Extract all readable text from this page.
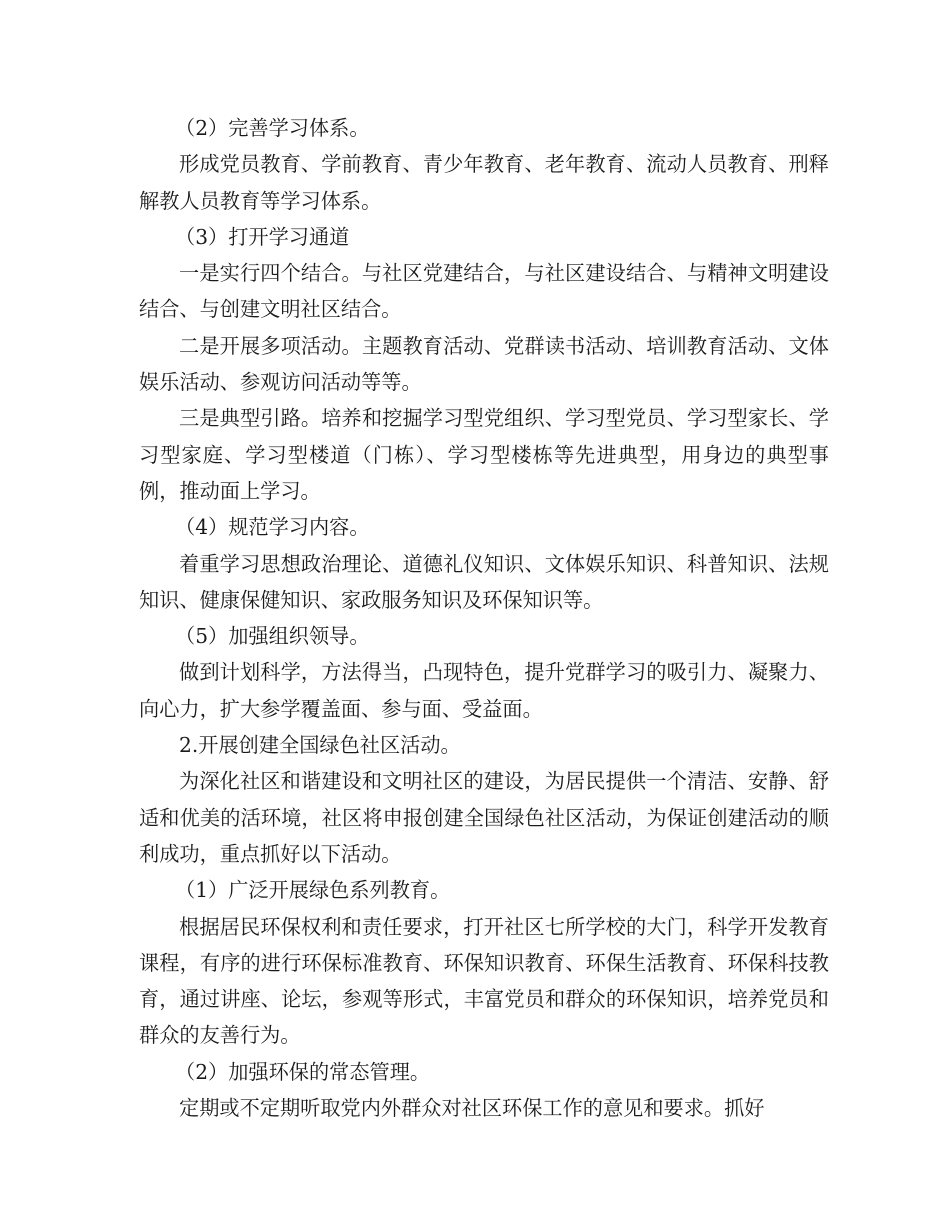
（2）完善学习体系。

形成党员教育、学前教育、青少年教育、老年教育、流动人员教育、刑释解教人员教育等学习体系。

（3）打开学习通道

一是实行四个结合。与社区党建结合，与社区建设结合、与精神文明建设结合、与创建文明社区结合。

二是开展多项活动。主题教育活动、党群读书活动、培训教育活动、文体娱乐活动、参观访问活动等等。

三是典型引路。培养和挖掘学习型党组织、学习型党员、学习型家长、学习型家庭、学习型楼道（门栋）、学习型楼栋等先进典型，用身边的典型事例，推动面上学习。

（4）规范学习内容。

着重学习思想政治理论、道德礼仪知识、文体娱乐知识、科普知识、法规知识、健康保健知识、家政服务知识及环保知识等。

（5）加强组织领导。

做到计划科学，方法得当，凸现特色，提升党群学习的吸引力、凝聚力、向心力，扩大参学覆盖面、参与面、受益面。

2.开展创建全国绿色社区活动。

为深化社区和谐建设和文明社区的建设，为居民提供一个清洁、安静、舒适和优美的活环境，社区将申报创建全国绿色社区活动，为保证创建活动的顺利成功，重点抓好以下活动。

（1）广泛开展绿色系列教育。

根据居民环保权利和责任要求，打开社区七所学校的大门，科学开发教育课程，有序的进行环保标准教育、环保知识教育、环保生活教育、环保科技教育，通过讲座、论坛，参观等形式，丰富党员和群众的环保知识，培养党员和群众的友善行为。

（2）加强环保的常态管理。

定期或不定期听取党内外群众对社区环保工作的意见和要求。抓好
